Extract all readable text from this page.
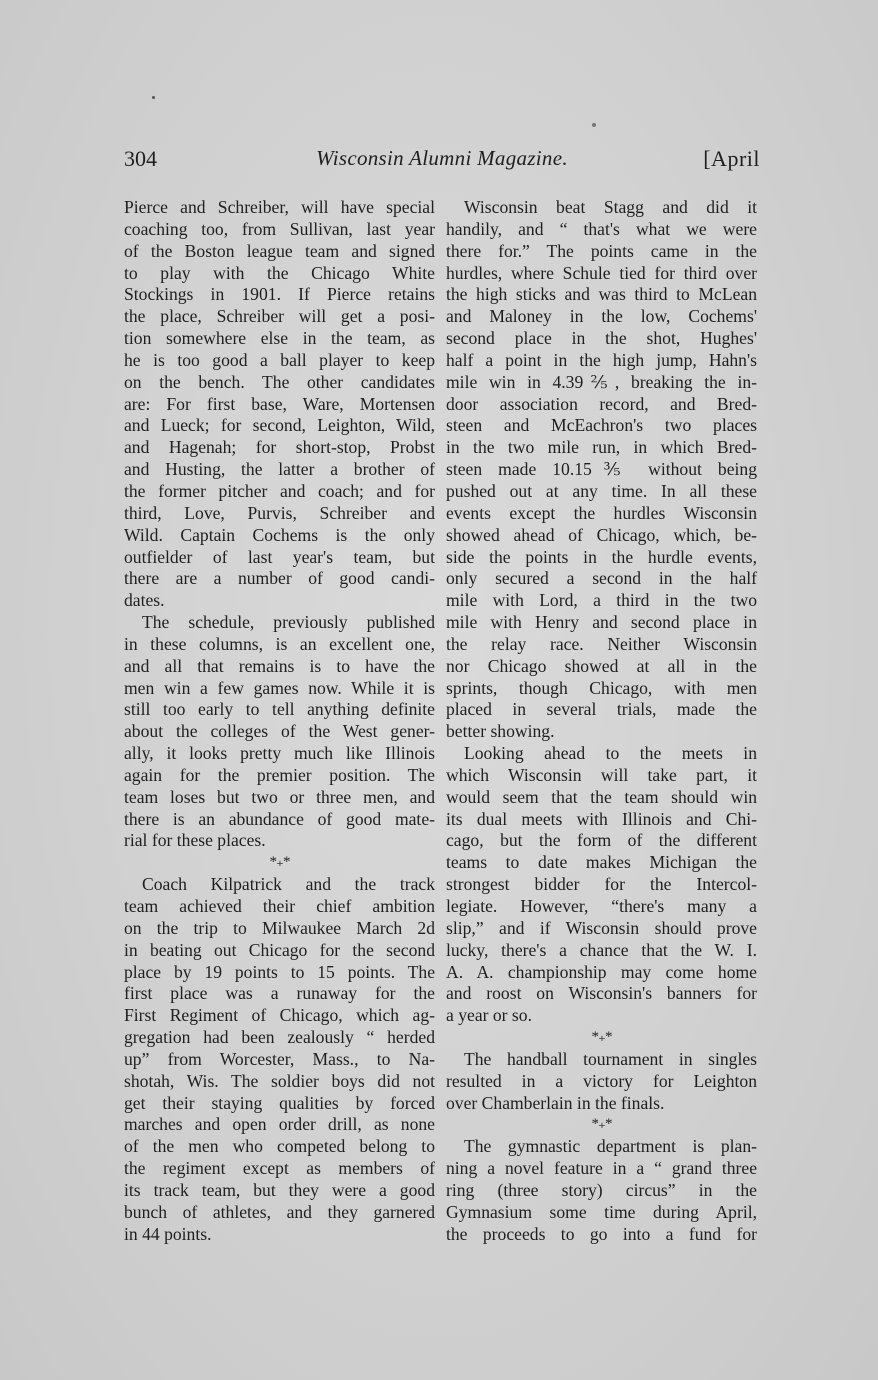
304	Wisconsin Alumni Magazine.	[April
Pierce and Schreiber, will have special
coaching too, from Sullivan, last year
of the Boston league team and signed
to play with the Chicago White
Stockings in 1901. If Pierce retains
the place, Schreiber will get a posi-
tion somewhere else in the team, as
he is too good a ball player to keep
on the bench. The other candidates
are: For first base, Ware, Mortensen
and Lueck; for second, Leighton, Wild,
and Hagenah; for short-stop, Probst
and Husting, the latter a brother of
the former pitcher and coach; and for
third, Love, Purvis, Schreiber and
Wild. Captain Cochems is the only
outfielder of last year's team, but
there are a number of good candi-
dates.
The schedule, previously published
in these columns, is an excellent one,
and all that remains is to have the
men win a few games now. While it is
still too early to tell anything definite
about the colleges of the West gener-
ally, it looks pretty much like Illinois
again for the premier position. The
team loses but two or three men, and
there is an abundance of good mate-
rial for these places.
*₊*
Coach Kilpatrick and the track
team achieved their chief ambition
on the trip to Milwaukee March 2d
in beating out Chicago for the second
place by 19 points to 15 points. The
first place was a runaway for the
First Regiment of Chicago, which ag-
gregation had been zealously “ herded
up” from Worcester, Mass., to Na-
shotah, Wis. The soldier boys did not
get their staying qualities by forced
marches and open order drill, as none
of the men who competed belong to
the regiment except as members of
its track team, but they were a good
bunch of athletes, and they garnered
in 44 points.
Wisconsin beat Stagg and did it
handily, and “ that's what we were
there for.” The points came in the
hurdles, where Schule tied for third over
the high sticks and was third to McLean
and Maloney in the low, Cochems'
second place in the shot, Hughes'
half a point in the high jump, Hahn's
mile win in 4.39⅖, breaking the in-
door association record, and Bred-
steen and McEachron's two places
in the two mile run, in which Bred-
steen made 10.15⅗ without being
pushed out at any time. In all these
events except the hurdles Wisconsin
showed ahead of Chicago, which, be-
side the points in the hurdle events,
only secured a second in the half
mile with Lord, a third in the two
mile with Henry and second place in
the relay race. Neither Wisconsin
nor Chicago showed at all in the
sprints, though Chicago, with men
placed in several trials, made the
better showing.
Looking ahead to the meets in
which Wisconsin will take part, it
would seem that the team should win
its dual meets with Illinois and Chi-
cago, but the form of the different
teams to date makes Michigan the
strongest bidder for the Intercol-
legiate. However, “there's many a
slip,” and if Wisconsin should prove
lucky, there's a chance that the W. I.
A. A. championship may come home
and roost on Wisconsin's banners for
a year or so.
*₊*
The handball tournament in singles
resulted in a victory for Leighton
over Chamberlain in the finals.
*₊*
The gymnastic department is plan-
ning a novel feature in a “ grand three
ring (three story) circus” in the
Gymnasium some time during April,
the proceeds to go into a fund for
